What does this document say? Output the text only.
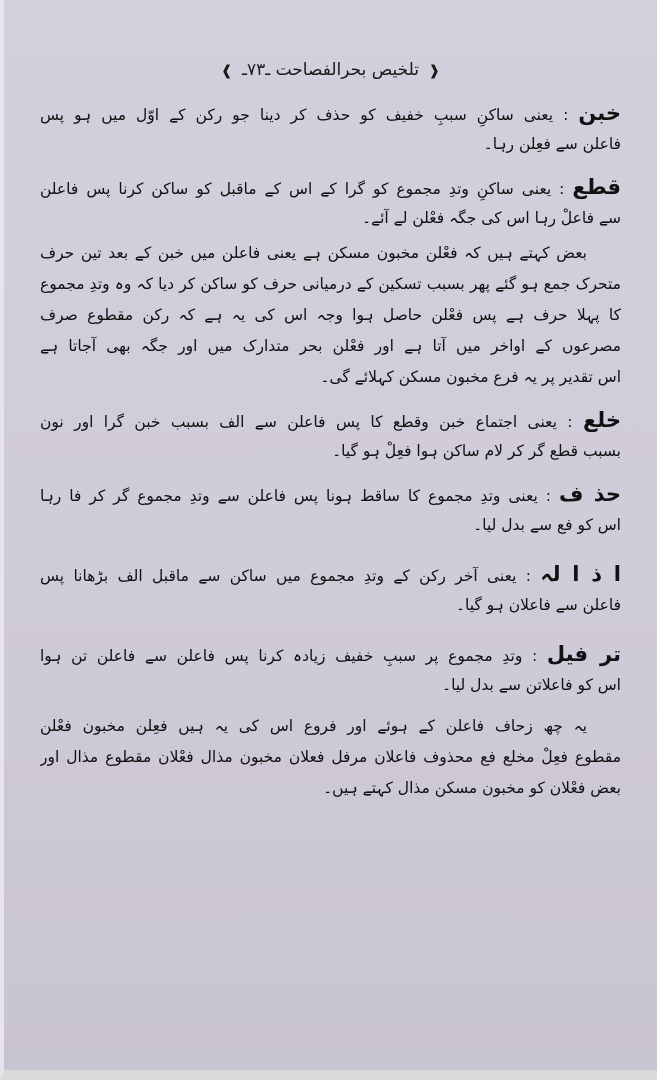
❰ تلخیص بحرالفصاحت ـ۷۳ـ ❱
خبن : یعنی ساکنِ سببِ خفیف کو حذف کر دینا جو رکن کے اوّل میں ہو پس
فاعلن سے فعِلن رہا۔
قطع : یعنی ساکنِ وتدِ مجموع کو گرا کے اس کے ماقبل کو ساکن کرنا پس فاعلن
سے فاعلْ رہا اس کی جگہ فعْلن لے آئے۔
بعض کہتے ہیں کہ فعْلن مخبون مسکن ہے یعنی فاعلن میں خبن کے بعد تین حرف
متحرک جمع ہو گئے پھر بسبب تسکین کے درمیانی حرف کو ساکن کر دیا کہ وہ وتدِ مجموع
کا پہلا حرف ہے پس فعْلن حاصل ہوا وجہ اس کی یہ ہے کہ رکن مقطوع صرف
مصرعوں کے اواخر میں آتا ہے اور فعْلن بحر متدارک میں اور جگہ بھی آجاتا ہے
اس تقدیر پر یہ فرع مخبون مسکن کہلائے گی۔
خلع : یعنی اجتماع خبن وقطع کا پس فاعلن سے الف بسبب خبن گرا اور نون
بسبب قطع گر کر لام ساکن ہوا فعِلْ ہو گیا۔
حذ ف : یعنی وتدِ مجموع کا ساقط ہونا پس فاعلن سے وتدِ مجموع گر کر فا رہا
اس کو فع سے بدل لیا۔
ا ذ ا لہ : یعنی آخر رکن کے وتدِ مجموع میں ساکن سے ماقبل الف بڑھانا پس
فاعلن سے فاعلان ہو گیا۔
تر فیل : وتدِ مجموع پر سببِ خفیف زیادہ کرنا پس فاعلن سے فاعلن تن ہوا
اس کو فاعلاتن سے بدل لیا۔
یہ چھ زحاف فاعلن کے ہوئے اور فروع اس کی یہ ہیں فعِلن مخبون فعْلن
مقطوع فعِلْ مخلع فع محذوف فاعلان مرفل فعلان مخبون مذال فعْلان مقطوع مذال اور
بعض فعْلان کو مخبون مسکن مذال کہتے ہیں۔
